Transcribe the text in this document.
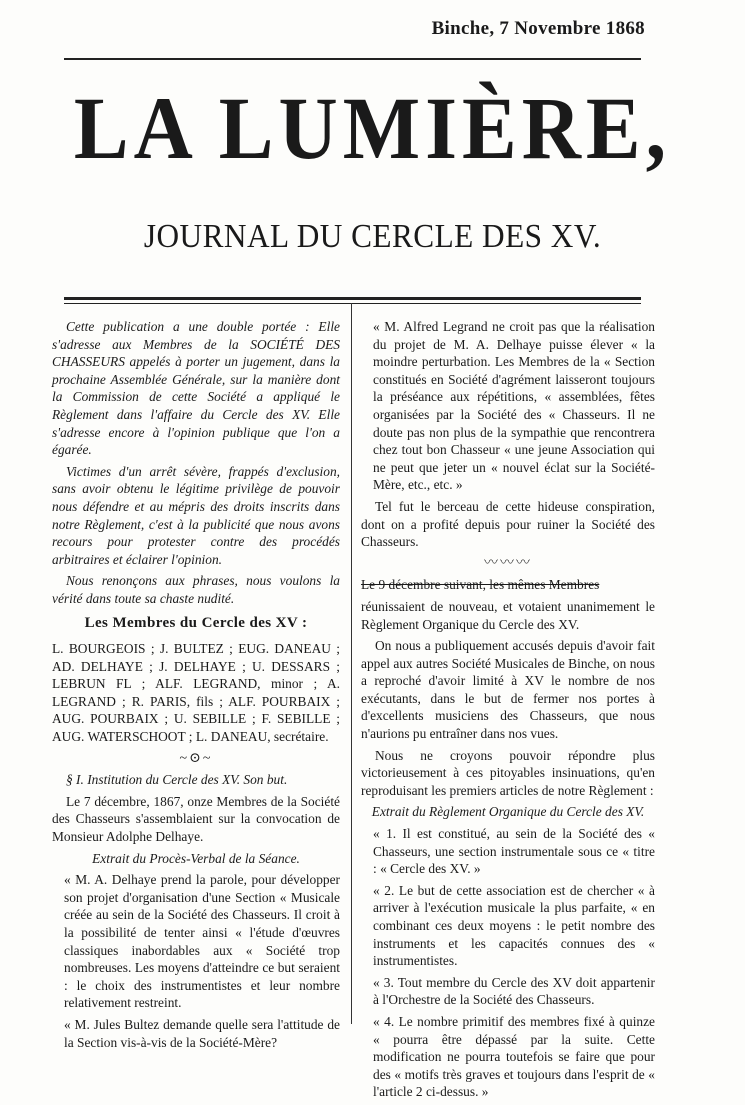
Binche, 7 Novembre 1868
LA LUMIÈRE,
JOURNAL DU CERCLE DES XV.

Cette publication a une double portée : Elle s'adresse aux Membres de la SOCIÉTÉ DES CHASSEURS appelés à porter un jugement, dans la prochaine Assemblée Générale, sur la manière dont la Commission de cette Société a appliqué le Règlement dans l'affaire du Cercle des XV. Elle s'adresse encore à l'opinion publique que l'on a égarée.

Victimes d'un arrêt sévère, frappés d'exclusion, sans avoir obtenu le légitime privilège de pouvoir nous défendre et au mépris des droits inscrits dans notre Règlement, c'est à la publicité que nous avons recours pour protester contre des procédés arbitraires et éclairer l'opinion.

Nous renonçons aux phrases, nous voulons la vérité dans toute sa chaste nudité.

Les Membres du Cercle des XV :

L. BOURGEOIS ; J. BULTEZ ; EUG. DANEAU ; AD. DELHAYE ; J. DELHAYE ; U. DESSARS ; LEBRUN FL ; ALF. LEGRAND, minor ; A. LEGRAND ; R. PARIS, fils ; ALF. POURBAIX ; AUG. POURBAIX ; U. SEBILLE ; F. SEBILLE ; AUG. WATERSCHOOT ; L. DANEAU, secrétaire.

~⊙~

§ I. Institution du Cercle des XV. Son but.

Le 7 décembre, 1867, onze Membres de la Société des Chasseurs s'assemblaient sur la convocation de Monsieur Adolphe Delhaye.

Extrait du Procès-Verbal de la Séance.

« M. A. Delhaye prend la parole, pour développer son projet d'organisation d'une Section « Musicale créée au sein de la Société des Chasseurs. Il croit à la possibilité de tenter ainsi « l'étude d'œuvres classiques inabordables aux « Société trop nombreuses. Les moyens d'atteindre ce but seraient : le choix des instrumentistes et leur nombre relativement restreint.

« M. Jules Bultez demande quelle sera l'attitude de la Section vis-à-vis de la Société-Mère?

« M. Alfred Legrand ne croit pas que la réalisation du projet de M. A. Delhaye puisse élever « la moindre perturbation. Les Membres de la « Section constitués en Société d'agrément laisseront toujours la préséance aux répétitions, « assemblées, fêtes organisées par la Société des « Chasseurs. Il ne doute pas non plus de la sympathie que rencontrera chez tout bon Chasseur « une jeune Association qui ne peut que jeter un « nouvel éclat sur la Société-Mère, etc., etc. »

Tel fut le berceau de cette hideuse conspiration, dont on a profité depuis pour ruiner la Société des Chasseurs.

〰〰〰

Le 9 décembre suivant, les mêmes Membres

réunissaient de nouveau, et votaient unanimement le Règlement Organique du Cercle des XV.

On nous a publiquement accusés depuis d'avoir fait appel aux autres Société Musicales de Binche, on nous a reproché d'avoir limité à XV le nombre de nos exécutants, dans le but de fermer nos portes à d'excellents musiciens des Chasseurs, que nous n'aurions pu entraîner dans nos vues.

Nous ne croyons pouvoir répondre plus victorieusement à ces pitoyables insinuations, qu'en reproduisant les premiers articles de notre Règlement :

Extrait du Règlement Organique du Cercle des XV.

« 1. Il est constitué, au sein de la Société des « Chasseurs, une section instrumentale sous ce « titre : « Cercle des XV. »

« 2. Le but de cette association est de chercher « à arriver à l'exécution musicale la plus parfaite, « en combinant ces deux moyens : le petit nombre des instruments et les capacités connues des « instrumentistes.

« 3. Tout membre du Cercle des XV doit appartenir à l'Orchestre de la Société des Chasseurs.

« 4. Le nombre primitif des membres fixé à quinze « pourra être dépassé par la suite. Cette modification ne pourra toutefois se faire que pour des « motifs très graves et toujours dans l'esprit de « l'article 2 ci-dessus. »
